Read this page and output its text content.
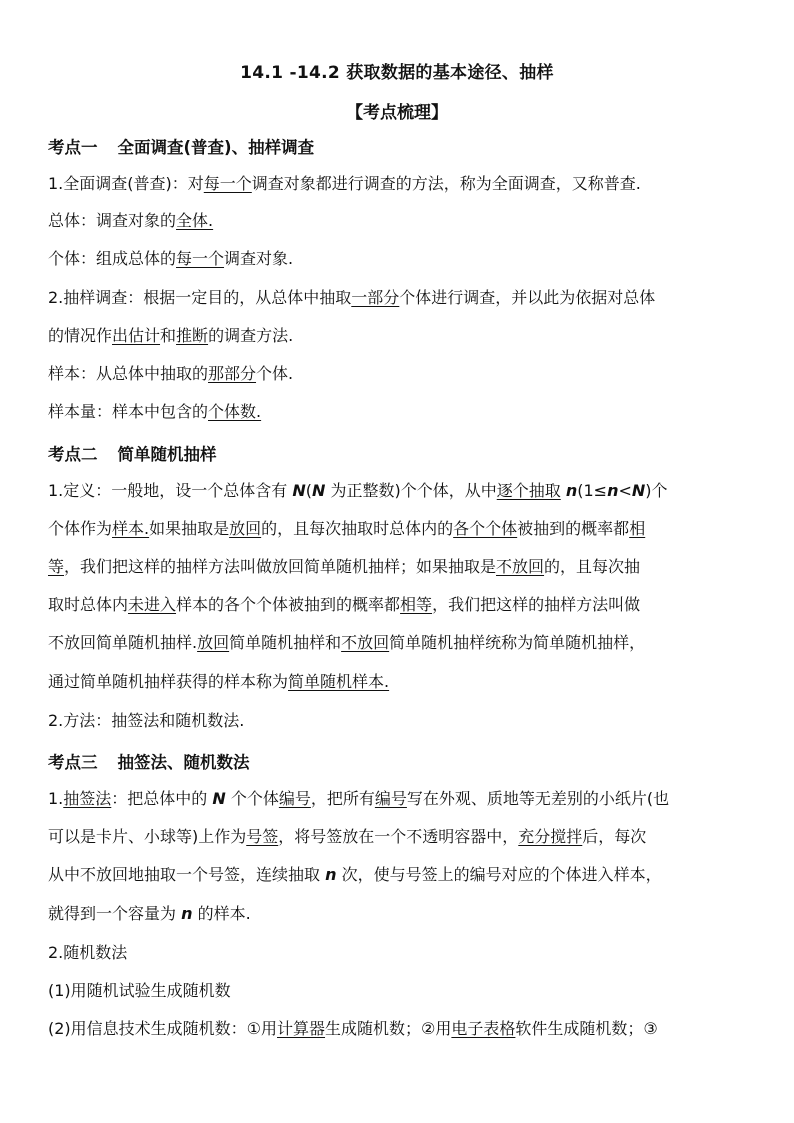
14.1 -14.2 获取数据的基本途径、抽样
【考点梳理】
考点一 全面调查(普查)、抽样调查
1.全面调查(普查)：对每一个调查对象都进行调查的方法，称为全面调查，又称普查.
总体：调查对象的全体.
个体：组成总体的每一个调查对象.
2.抽样调查：根据一定目的，从总体中抽取一部分个体进行调查，并以此为依据对总体
的情况作出估计和推断的调查方法.
样本：从总体中抽取的那部分个体.
样本量：样本中包含的个体数.
考点二 简单随机抽样
1.定义：一般地，设一个总体含有 N(N 为正整数)个个体，从中逐个抽取 n(1≤n<N)个
个体作为样本.如果抽取是放回的，且每次抽取时总体内的各个个体被抽到的概率都相
等，我们把这样的抽样方法叫做放回简单随机抽样；如果抽取是不放回的，且每次抽
取时总体内未进入样本的各个个体被抽到的概率都相等，我们把这样的抽样方法叫做
不放回简单随机抽样.放回简单随机抽样和不放回简单随机抽样统称为简单随机抽样，
通过简单随机抽样获得的样本称为简单随机样本.
2.方法：抽签法和随机数法.
考点三 抽签法、随机数法
1.抽签法：把总体中的 N 个个体编号，把所有编号写在外观、质地等无差别的小纸片(也
可以是卡片、小球等)上作为号签，将号签放在一个不透明容器中，充分搅拌后，每次
从中不放回地抽取一个号签，连续抽取 n 次，使与号签上的编号对应的个体进入样本，
就得到一个容量为 n 的样本.
2.随机数法
(1)用随机试验生成随机数
(2)用信息技术生成随机数：①用计算器生成随机数；②用电子表格软件生成随机数；③
